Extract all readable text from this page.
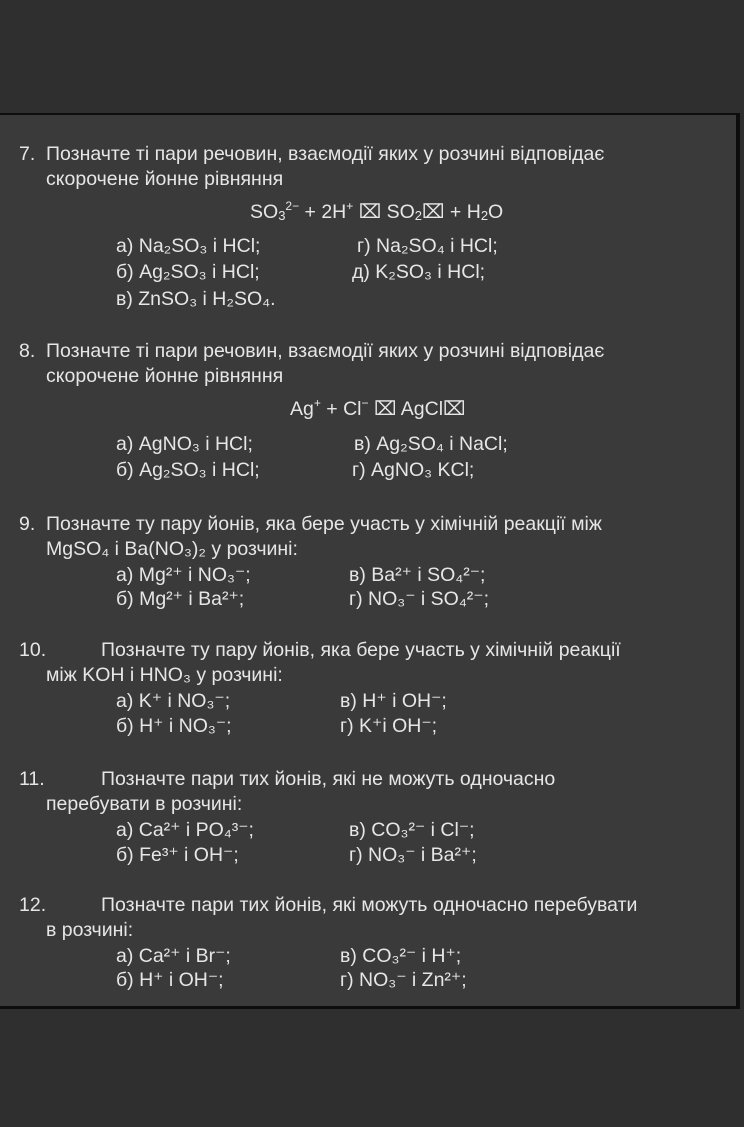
7. Позначте ті пари речовин, взаємодії яких у розчині відповідає
скорочене йонне рівняння
$SO_3^{2-} + 2H^+$ ⌧ $SO_2⌧ + H_2O$
а) Na₂SO₃ і HCl;
б) Ag₂SO₃ і HCl;
в) ZnSO₃ і H₂SO₄.
г) Na₂SO₄ і HCl;
д) K₂SO₃ і HCl;
8. Позначте ті пари речовин, взаємодії яких у розчині відповідає
скорочене йонне рівняння
Ag+ + Cl− ⌧ AgCl⌧
а) AgNO₃ і HCl;
б) Ag₂SO₃ і HCl;
в) Ag₂SO₄ і NaCl;
г) AgNO₃ KCl;
9. Позначте ту пару йонів, яка бере участь у хімічній реакції між
MgSO₄ і Ba(NO₃)₂ у розчині:
а) Mg²⁺ і NO₃⁻;
б) Mg²⁺ і Ba²⁺;
в) Ba²⁺ і SO₄²⁻;
г) NO₃⁻ і SO₄²⁻;
10.	Позначте ту пару йонів, яка бере участь у хімічній реакції
між KOH і HNO₃ у розчині:
а) K⁺ і NO₃⁻;
б) H⁺ і NO₃⁻;
в) H⁺ і OH⁻;
г) K⁺і OH⁻;
11.	Позначте пари тих йонів, які не можуть одночасно
перебувати в розчині:
а) Ca²⁺ і PO₄³⁻;
б) Fe³⁺ і OH⁻;
в) CO₃²⁻ і Cl⁻;
г) NO₃⁻ і Ba²⁺;
12.	Позначте пари тих йонів, які можуть одночасно перебувати
в розчині:
а) Ca²⁺ і Br⁻;
б) H⁺ і OH⁻;
в) CO₃²⁻ і H⁺;
г) NO₃⁻ і Zn²⁺;
